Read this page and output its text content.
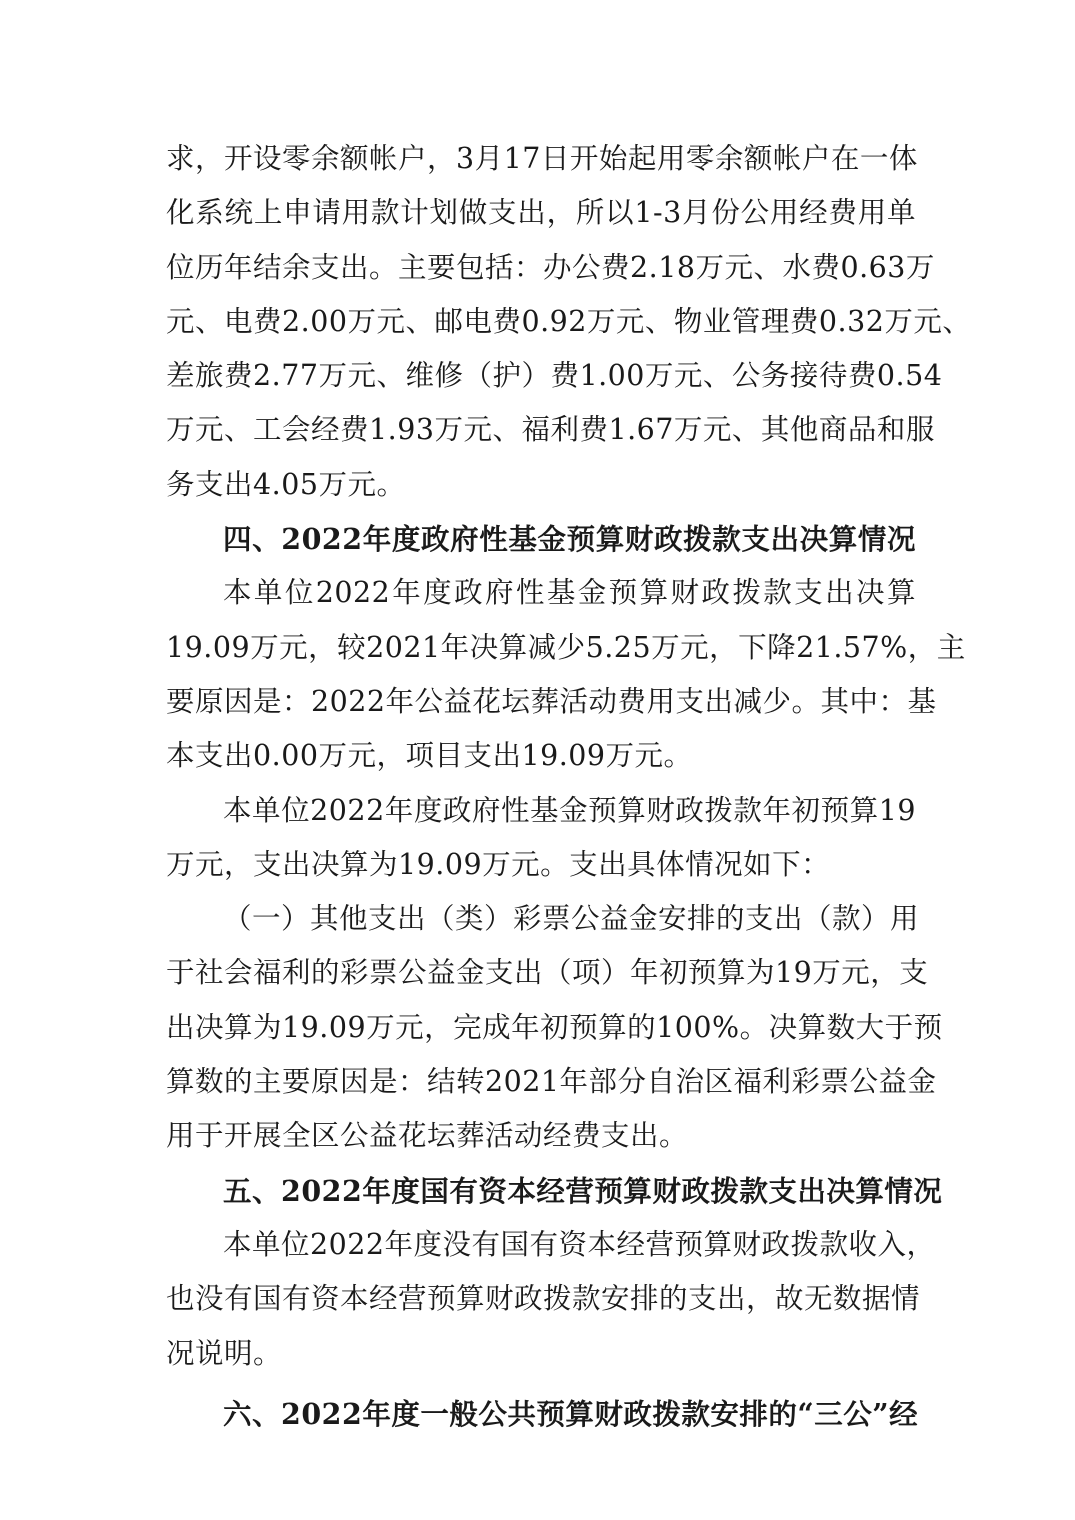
求，开设零余额帐户，3月17日开始起用零余额帐户在一体
化系统上申请用款计划做支出，所以1-3月份公用经费用单
位历年结余支出。主要包括：办公费2.18万元、水费0.63万
元、电费2.00万元、邮电费0.92万元、物业管理费0.32万元、
差旅费2.77万元、维修（护）费1.00万元、公务接待费0.54
万元、工会经费1.93万元、福利费1.67万元、其他商品和服
务支出4.05万元。
四、2022年度政府性基金预算财政拨款支出决算情况
本单位2022年度政府性基金预算财政拨款支出决算
19.09万元，较2021年决算减少5.25万元，下降21.57%，主
要原因是：2022年公益花坛葬活动费用支出减少。其中：基
本支出0.00万元，项目支出19.09万元。
本单位2022年度政府性基金预算财政拨款年初预算19
万元，支出决算为19.09万元。支出具体情况如下：
（一）其他支出（类）彩票公益金安排的支出（款）用
于社会福利的彩票公益金支出（项）年初预算为19万元，支
出决算为19.09万元，完成年初预算的100%。决算数大于预
算数的主要原因是：结转2021年部分自治区福利彩票公益金
用于开展全区公益花坛葬活动经费支出。
五、2022年度国有资本经营预算财政拨款支出决算情况
本单位2022年度没有国有资本经营预算财政拨款收入，
也没有国有资本经营预算财政拨款安排的支出，故无数据情
况说明。
六、2022年度一般公共预算财政拨款安排的“三公”经
